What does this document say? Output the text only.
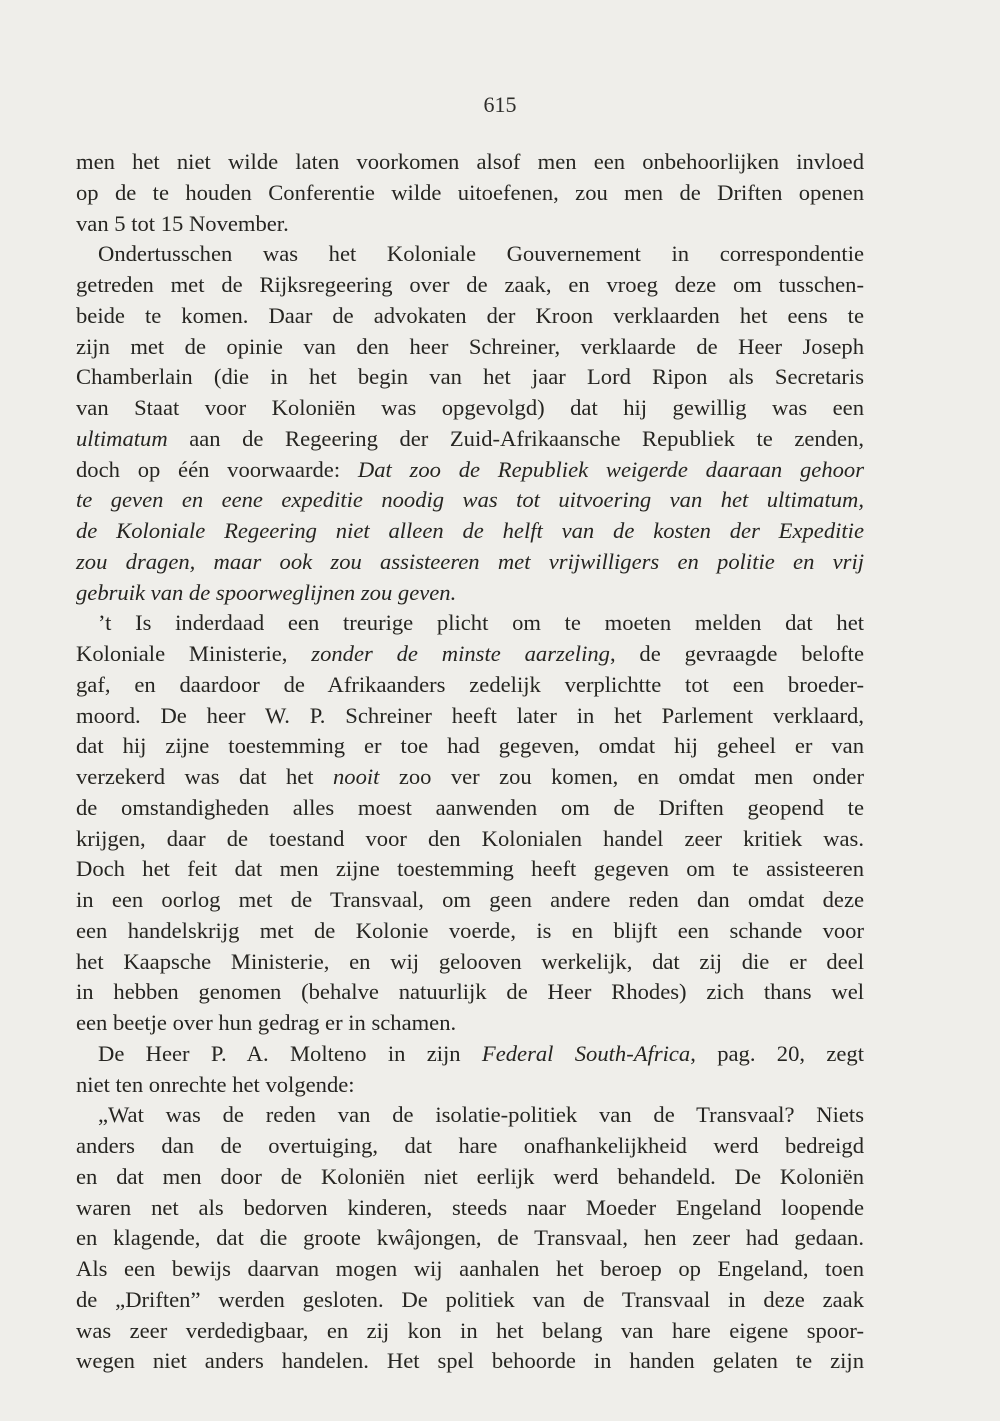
615
men het niet wilde laten voorkomen alsof men een onbehoorlijken invloed
op de te houden Conferentie wilde uitoefenen, zou men de Driften openen
van 5 tot 15 November.
Ondertusschen was het Koloniale Gouvernement in correspondentie
getreden met de Rijksregeering over de zaak, en vroeg deze om tusschen-
beide te komen. Daar de advokaten der Kroon verklaarden het eens te
zijn met de opinie van den heer Schreiner, verklaarde de Heer Joseph
Chamberlain (die in het begin van het jaar Lord Ripon als Secretaris
van Staat voor Koloniën was opgevolgd) dat hij gewillig was een
ultimatum aan de Regeering der Zuid-Afrikaansche Republiek te zenden,
doch op één voorwaarde: Dat zoo de Republiek weigerde daaraan gehoor
te geven en eene expeditie noodig was tot uitvoering van het ultimatum,
de Koloniale Regeering niet alleen de helft van de kosten der Expeditie
zou dragen, maar ook zou assisteeren met vrijwilligers en politie en vrij
gebruik van de spoorweglijnen zou geven.
’t Is inderdaad een treurige plicht om te moeten melden dat het
Koloniale Ministerie, zonder de minste aarzeling, de gevraagde belofte
gaf, en daardoor de Afrikaanders zedelijk verplichtte tot een broeder-
moord. De heer W. P. Schreiner heeft later in het Parlement verklaard,
dat hij zijne toestemming er toe had gegeven, omdat hij geheel er van
verzekerd was dat het nooit zoo ver zou komen, en omdat men onder
de omstandigheden alles moest aanwenden om de Driften geopend te
krijgen, daar de toestand voor den Kolonialen handel zeer kritiek was.
Doch het feit dat men zijne toestemming heeft gegeven om te assisteeren
in een oorlog met de Transvaal, om geen andere reden dan omdat deze
een handelskrijg met de Kolonie voerde, is en blijft een schande voor
het Kaapsche Ministerie, en wij gelooven werkelijk, dat zij die er deel
in hebben genomen (behalve natuurlijk de Heer Rhodes) zich thans wel
een beetje over hun gedrag er in schamen.
De Heer P. A. Molteno in zijn Federal South-Africa, pag. 20, zegt
niet ten onrechte het volgende:
„Wat was de reden van de isolatie-politiek van de Transvaal? Niets
anders dan de overtuiging, dat hare onafhankelijkheid werd bedreigd
en dat men door de Koloniën niet eerlijk werd behandeld. De Koloniën
waren net als bedorven kinderen, steeds naar Moeder Engeland loopende
en klagende, dat die groote kwâjongen, de Transvaal, hen zeer had gedaan.
Als een bewijs daarvan mogen wij aanhalen het beroep op Engeland, toen
de „Driften” werden gesloten. De politiek van de Transvaal in deze zaak
was zeer verdedigbaar, en zij kon in het belang van hare eigene spoor-
wegen niet anders handelen. Het spel behoorde in handen gelaten te zijn
